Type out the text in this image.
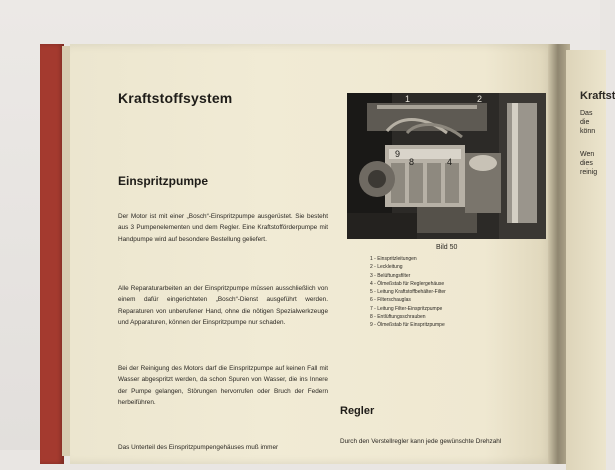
Kraftstoffsystem
Einspritzpumpe

Der Motor ist mit einer „Bosch“-Einspritzpumpe ausgerüstet. Sie besteht aus 3 Pumpenelementen und dem Regler. Eine Kraftstofförderpumpe mit Handpumpe wird auf besondere Bestellung geliefert.

Alle Reparaturarbeiten an der Einspritzpumpe müssen ausschließlich von einem dafür eingerichteten „Bosch“-Dienst ausgeführt werden. Reparaturen von unberufener Hand, ohne die nötigen Spezialwerkzeuge und Apparaturen, können der Einspritzpumpe nur schaden.

Bei der Reinigung des Motors darf die Einspritzpumpe auf keinen Fall mit Wasser abgespritzt werden, da schon Spuren von Wasser, die ins Innere der Pumpe gelangen, Störungen hervorrufen oder Bruch der Federn herbeiführen.

Das Unterteil des Einspritzpumpengehäuses muß immer

1	2
9
8	4
Bild 50
1 - Einspritzleitungen
2 - Leckleitung
3 - Belüftungsfilter
4 - Ölmeßstab für Reglergehäuse
5 - Leitung Kraftstoffbehälter-Filter
6 - Filterschauglas
7 - Leitung Filter-Einspritzpumpe
8 - Entlüftungsschrauben
9 - Ölmeßstab für Einspritzpumpe
Regler

Durch den Verstellregler kann jede gewünschte Drehzahl

Kraftst
Das
die
könn
Wen
dies
reinig
